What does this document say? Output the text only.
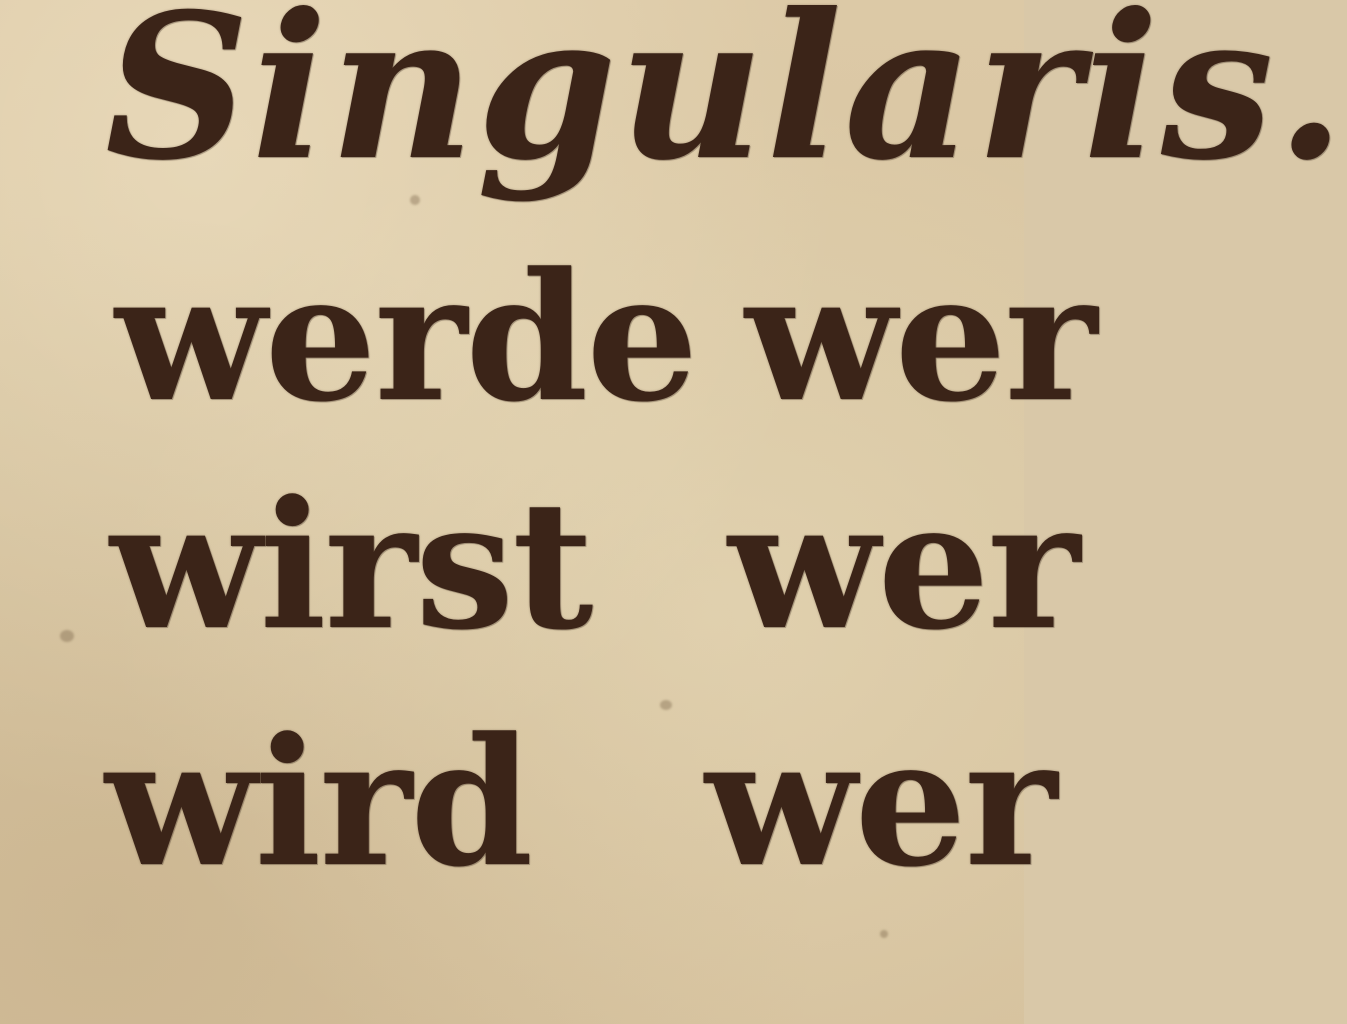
Singularis.
werde
wirst
wird
wer
wer
wer
